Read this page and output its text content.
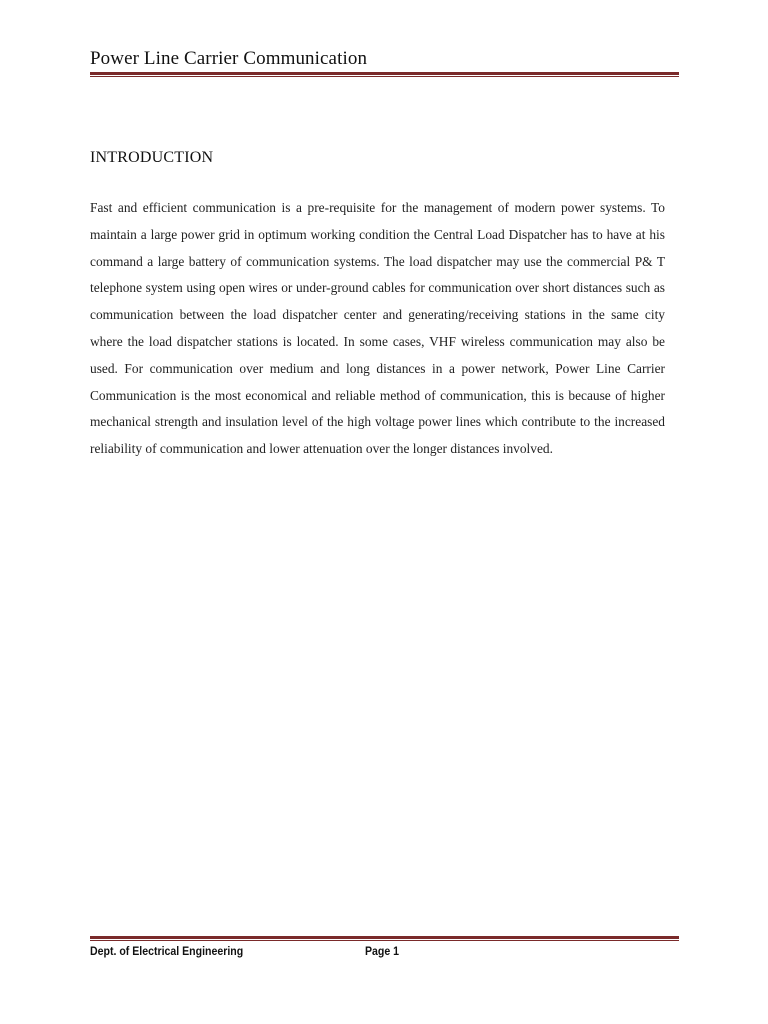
Power Line Carrier Communication
INTRODUCTION

Fast and efficient communication is a pre-requisite for the management of modern power systems. To maintain a large power grid in optimum working condition the Central Load Dispatcher has to have at his command a large battery of communication systems. The load dispatcher may use the commercial P& T telephone system using open wires or under-ground cables for communication over short distances such as communication between the load dispatcher center and generating/receiving stations in the same city where the load dispatcher stations is located. In some cases, VHF wireless communication may also be used. For communication over medium and long distances in a power network, Power Line Carrier Communication is the most economical and reliable method of communication, this is because of higher mechanical strength and insulation level of the high voltage power lines which contribute to the increased reliability of communication and lower attenuation over the longer distances involved.

Dept. of Electrical Engineering	Page 1
